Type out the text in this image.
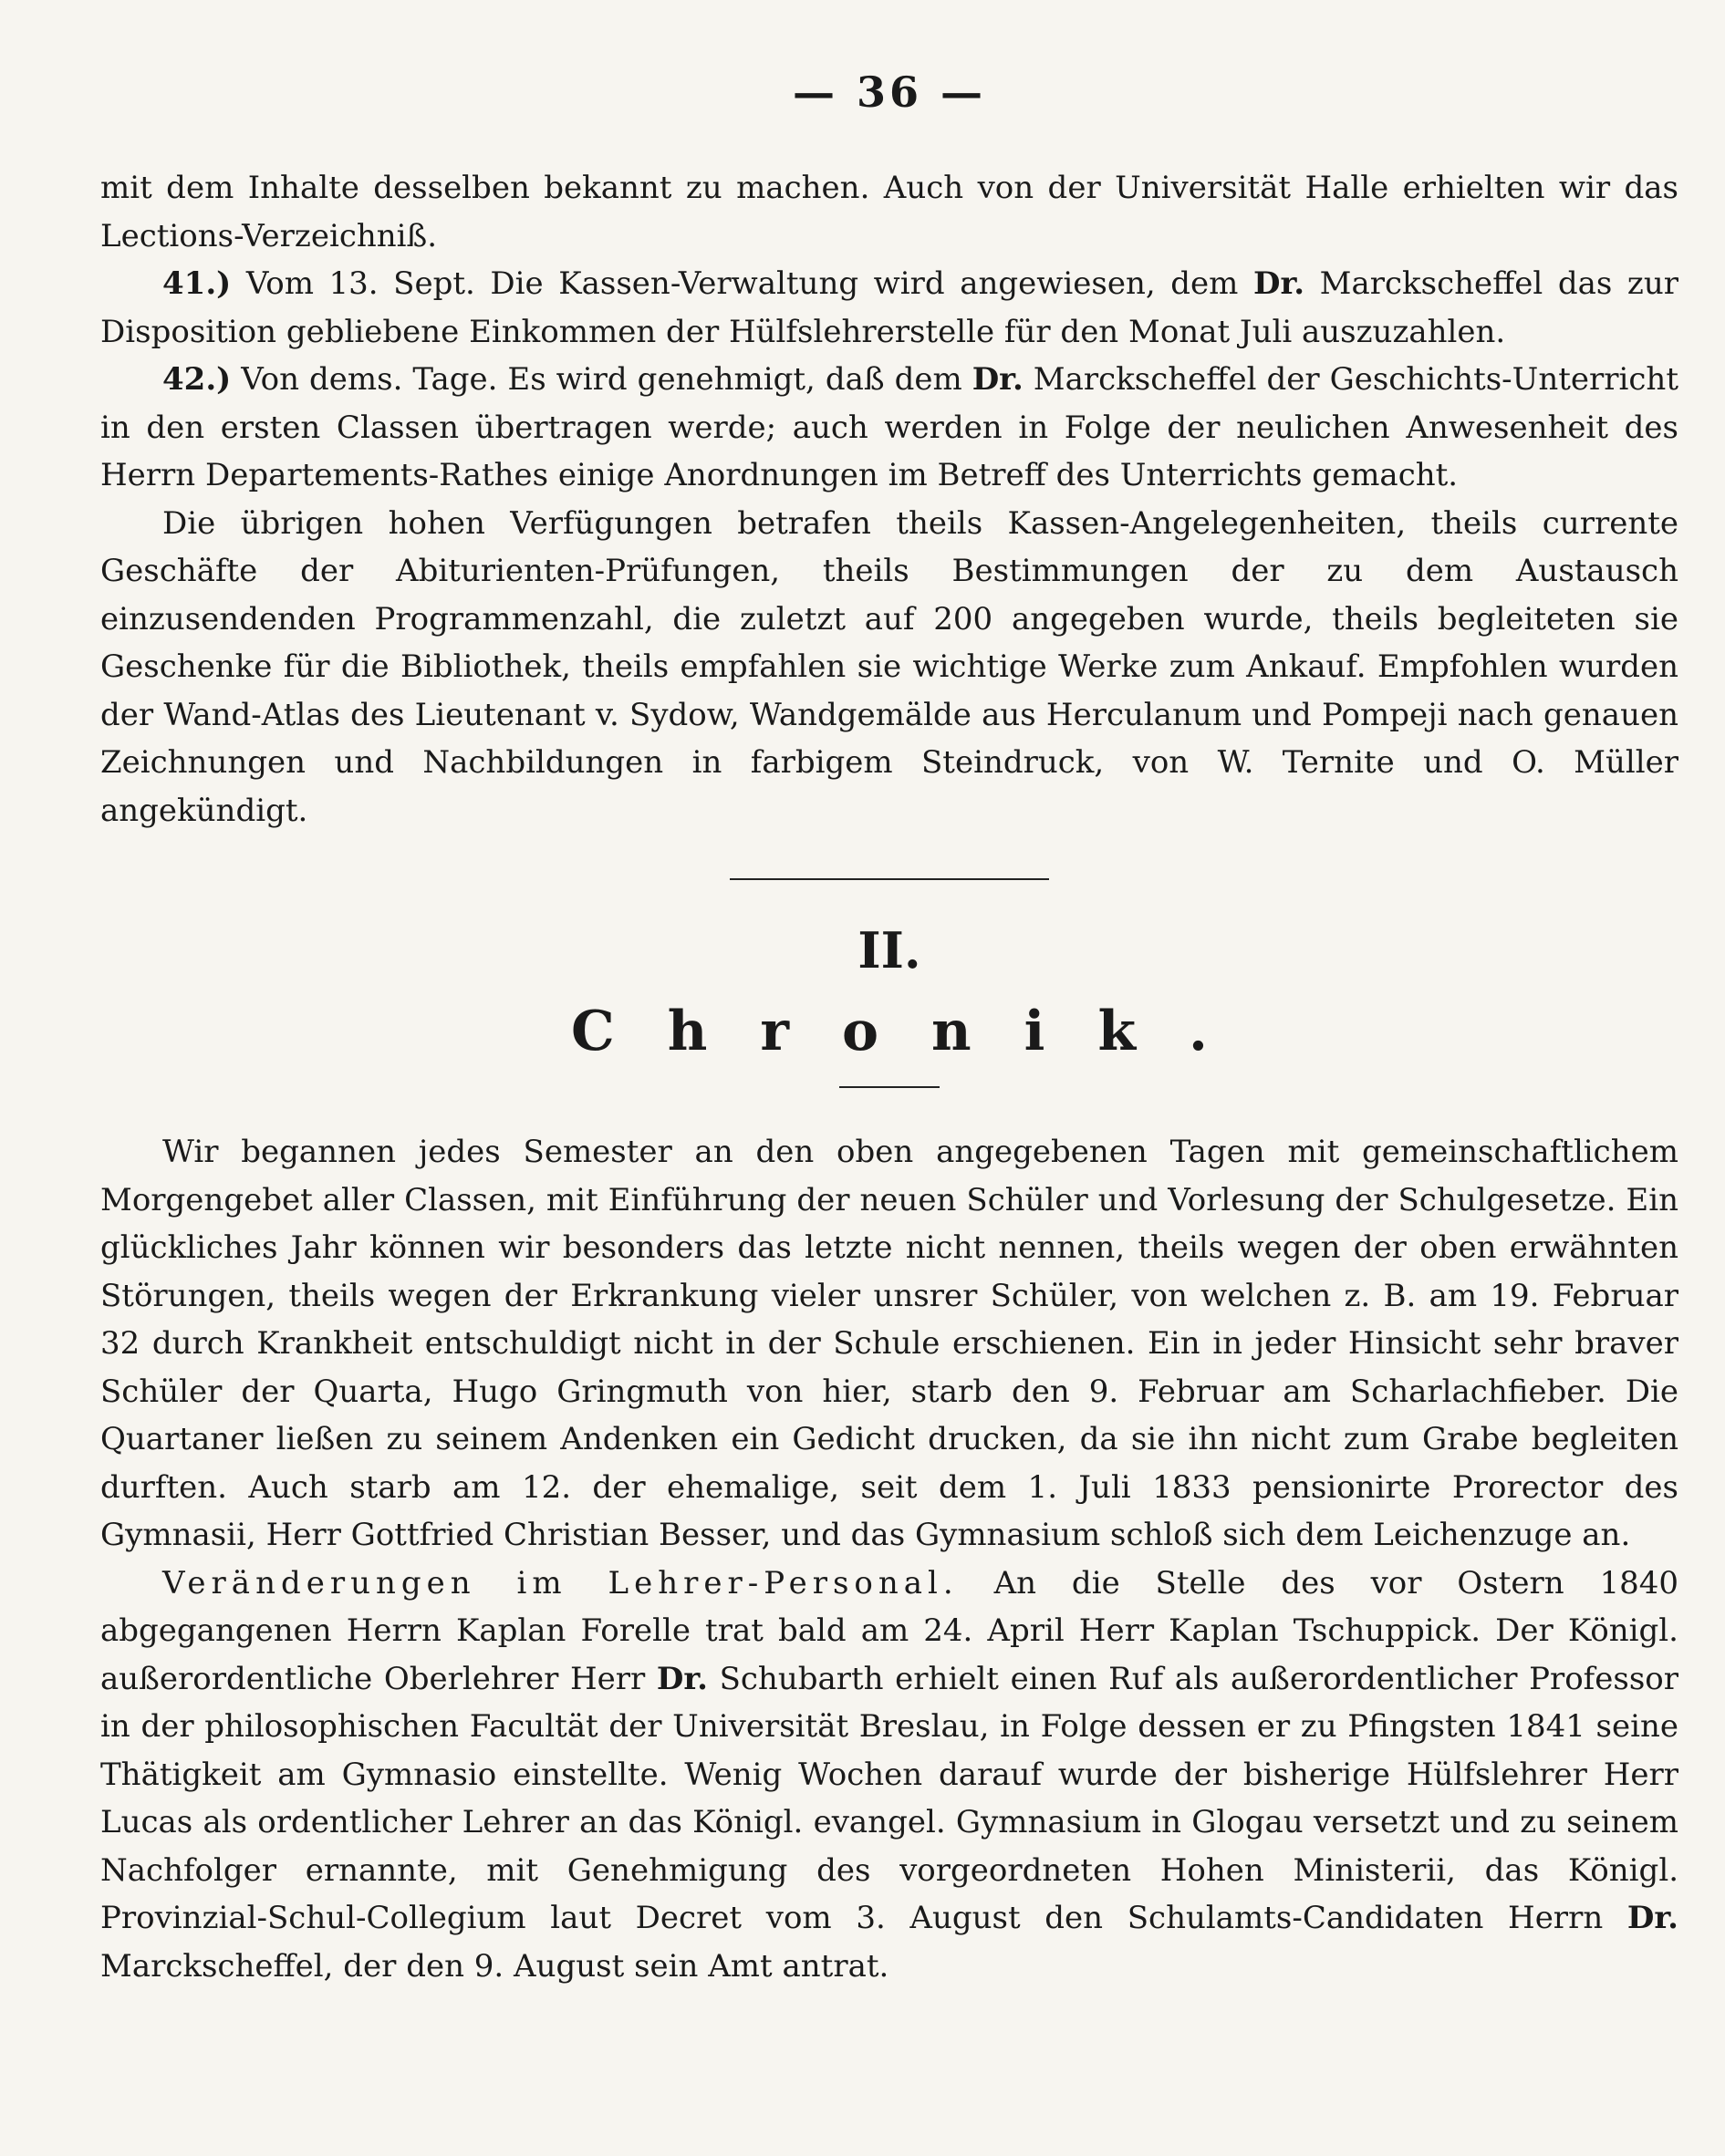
— 36 —

mit dem Inhalte desselben bekannt zu machen. Auch von der Universität Halle erhielten wir das Lections-Verzeichniß.

41.) Vom 13. Sept. Die Kassen-Verwaltung wird angewiesen, dem Dr. Marckscheffel das zur Disposition gebliebene Einkommen der Hülfslehrerstelle für den Monat Juli auszuzahlen.

42.) Von dems. Tage. Es wird genehmigt, daß dem Dr. Marckscheffel der Geschichts-Unterricht in den ersten Classen übertragen werde; auch werden in Folge der neulichen Anwesenheit des Herrn Departements-Rathes einige Anordnungen im Betreff des Unterrichts gemacht.

Die übrigen hohen Verfügungen betrafen theils Kassen-Angelegenheiten, theils currente Geschäfte der Abiturienten-Prüfungen, theils Bestimmungen der zu dem Austausch einzusendenden Programmenzahl, die zuletzt auf 200 angegeben wurde, theils begleiteten sie Geschenke für die Bibliothek, theils empfahlen sie wichtige Werke zum Ankauf. Empfohlen wurden der Wand-Atlas des Lieutenant v. Sydow, Wandgemälde aus Herculanum und Pompeji nach genauen Zeichnungen und Nachbildungen in farbigem Steindruck, von W. Ternite und O. Müller angekündigt.

II.
Chronik.

Wir begannen jedes Semester an den oben angegebenen Tagen mit gemeinschaftlichem Morgengebet aller Classen, mit Einführung der neuen Schüler und Vorlesung der Schulgesetze. Ein glückliches Jahr können wir besonders das letzte nicht nennen, theils wegen der oben erwähnten Störungen, theils wegen der Erkrankung vieler unsrer Schüler, von welchen z. B. am 19. Februar 32 durch Krankheit entschuldigt nicht in der Schule erschienen. Ein in jeder Hinsicht sehr braver Schüler der Quarta, Hugo Gringmuth von hier, starb den 9. Februar am Scharlachfieber. Die Quartaner ließen zu seinem Andenken ein Gedicht drucken, da sie ihn nicht zum Grabe begleiten durften. Auch starb am 12. der ehemalige, seit dem 1. Juli 1833 pensionirte Prorector des Gymnasii, Herr Gottfried Christian Besser, und das Gymnasium schloß sich dem Leichenzuge an.

Veränderungen im Lehrer-Personal. An die Stelle des vor Ostern 1840 abgegangenen Herrn Kaplan Forelle trat bald am 24. April Herr Kaplan Tschuppick. Der Königl. außerordentliche Oberlehrer Herr Dr. Schubarth erhielt einen Ruf als außerordentlicher Professor in der philosophischen Facultät der Universität Breslau, in Folge dessen er zu Pfingsten 1841 seine Thätigkeit am Gymnasio einstellte. Wenig Wochen darauf wurde der bisherige Hülfslehrer Herr Lucas als ordentlicher Lehrer an das Königl. evangel. Gymnasium in Glogau versetzt und zu seinem Nachfolger ernannte, mit Genehmigung des vorgeordneten Hohen Ministerii, das Königl. Provinzial-Schul-Collegium laut Decret vom 3. August den Schulamts-Candidaten Herrn Dr. Marckscheffel, der den 9. August sein Amt antrat.
